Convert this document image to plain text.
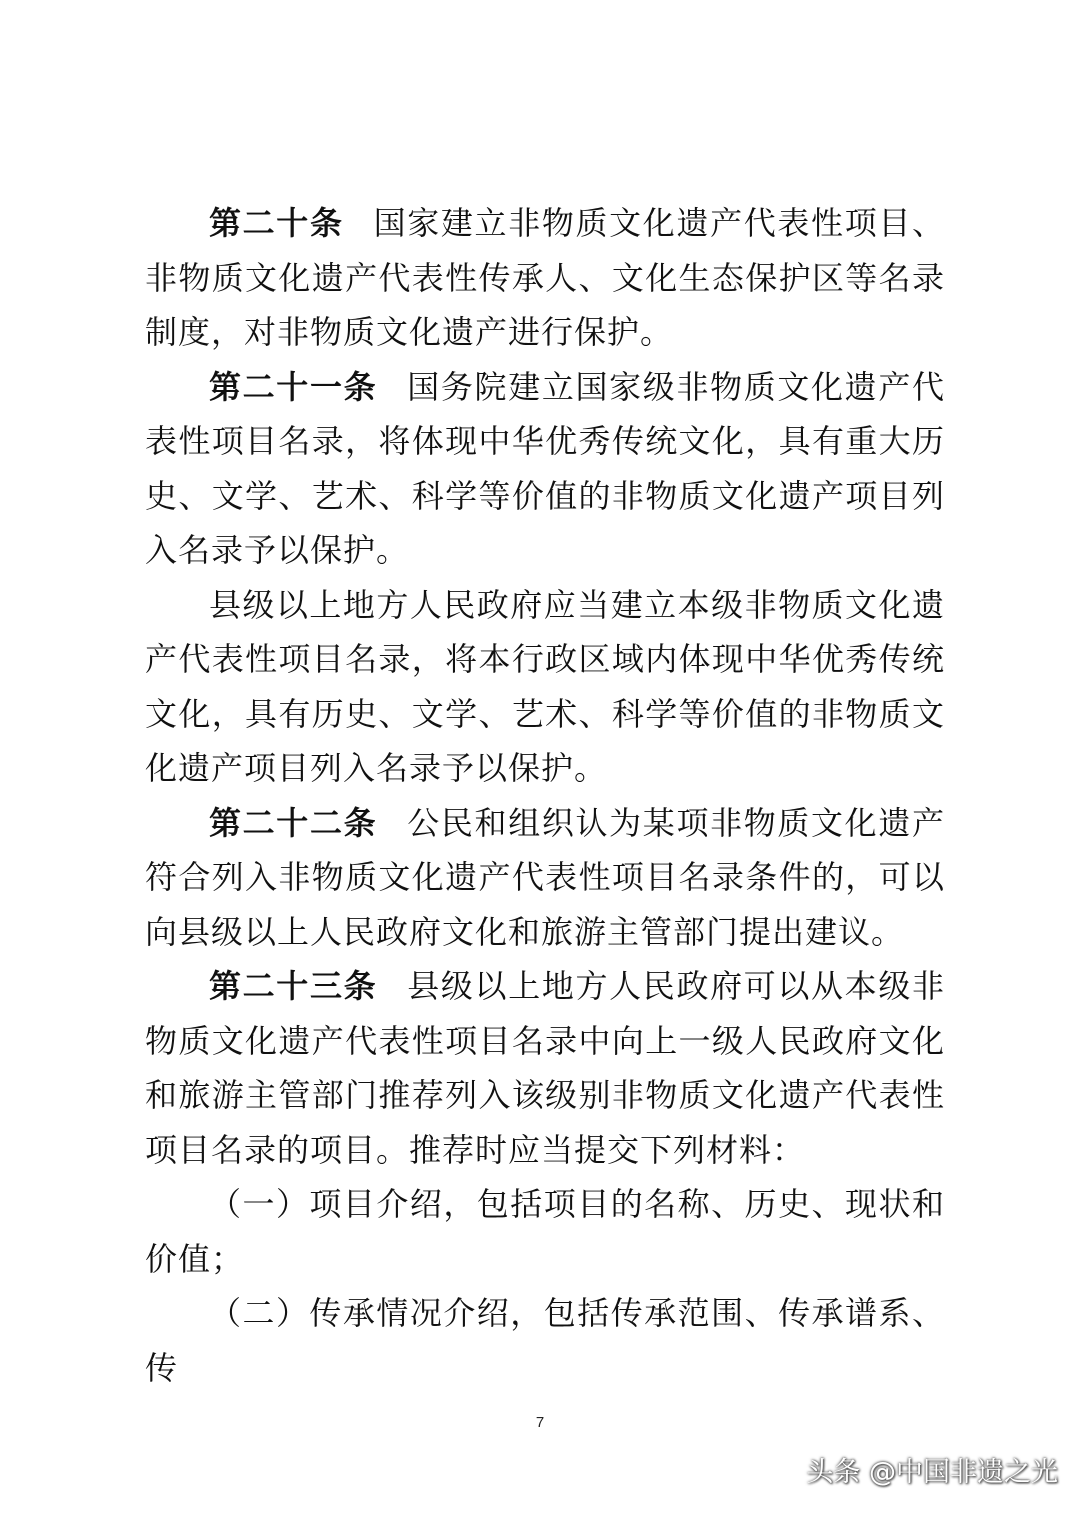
第二十条 国家建立非物质文化遗产代表性项目、非物质文化遗产代表性传承人、文化生态保护区等名录制度，对非物质文化遗产进行保护。

第二十一条 国务院建立国家级非物质文化遗产代表性项目名录，将体现中华优秀传统文化，具有重大历史、文学、艺术、科学等价值的非物质文化遗产项目列入名录予以保护。

县级以上地方人民政府应当建立本级非物质文化遗产代表性项目名录，将本行政区域内体现中华优秀传统文化，具有历史、文学、艺术、科学等价值的非物质文化遗产项目列入名录予以保护。

第二十二条 公民和组织认为某项非物质文化遗产符合列入非物质文化遗产代表性项目名录条件的，可以向县级以上人民政府文化和旅游主管部门提出建议。

第二十三条 县级以上地方人民政府可以从本级非物质文化遗产代表性项目名录中向上一级人民政府文化和旅游主管部门推荐列入该级别非物质文化遗产代表性项目名录的项目。推荐时应当提交下列材料：

（一）项目介绍，包括项目的名称、历史、现状和价值；

（二）传承情况介绍，包括传承范围、传承谱系、传

7
头条 @中国非遗之光
